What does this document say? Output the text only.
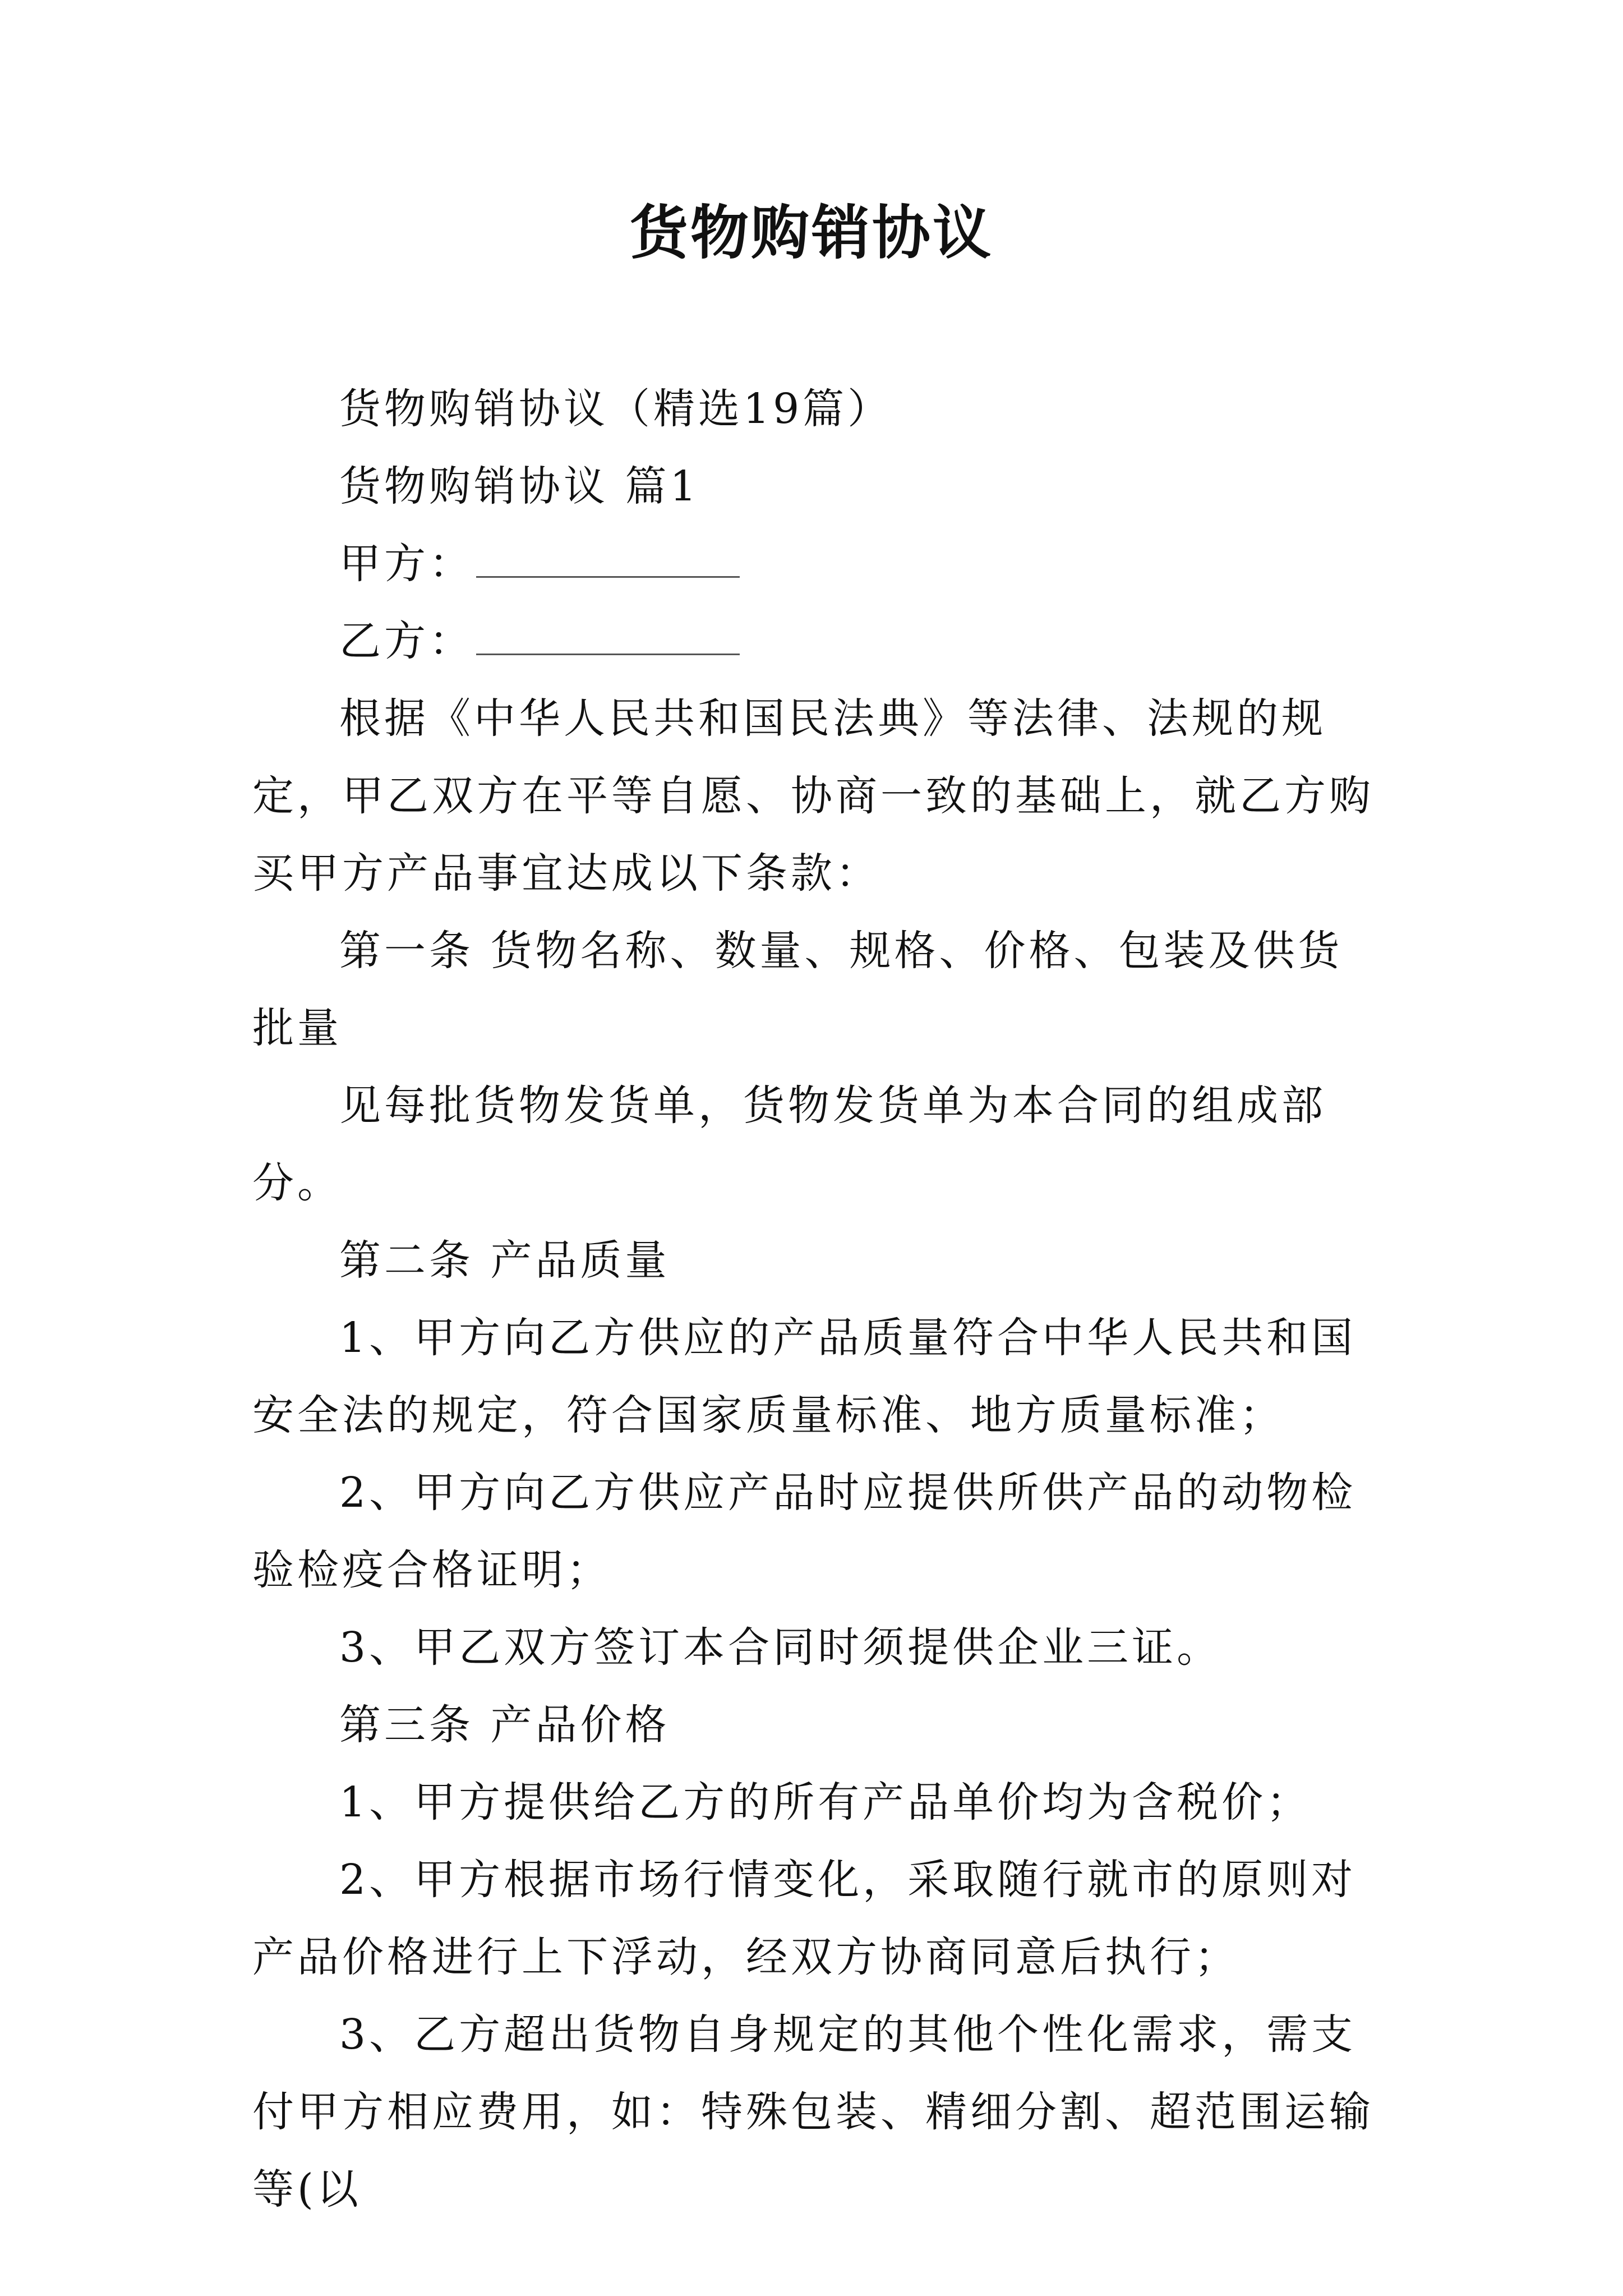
货物购销协议

货物购销协议（精选19篇）

货物购销协议 篇1

甲方：

乙方：

根据《中华人民共和国民法典》等法律、法规的规定，甲乙双方在平等自愿、协商一致的基础上，就乙方购买甲方产品事宜达成以下条款：

第一条 货物名称、数量、规格、价格、包装及供货批量

见每批货物发货单，货物发货单为本合同的组成部分。

第二条 产品质量

1、甲方向乙方供应的产品质量符合中华人民共和国安全法的规定，符合国家质量标准、地方质量标准；

2、甲方向乙方供应产品时应提供所供产品的动物检验检疫合格证明；

3、甲乙双方签订本合同时须提供企业三证。

第三条 产品价格

1、甲方提供给乙方的所有产品单价均为含税价；

2、甲方根据市场行情变化，采取随行就市的原则对产品价格进行上下浮动，经双方协商同意后执行；

3、乙方超出货物自身规定的其他个性化需求，需支付甲方相应费用，如：特殊包装、精细分割、超范围运输等(以
